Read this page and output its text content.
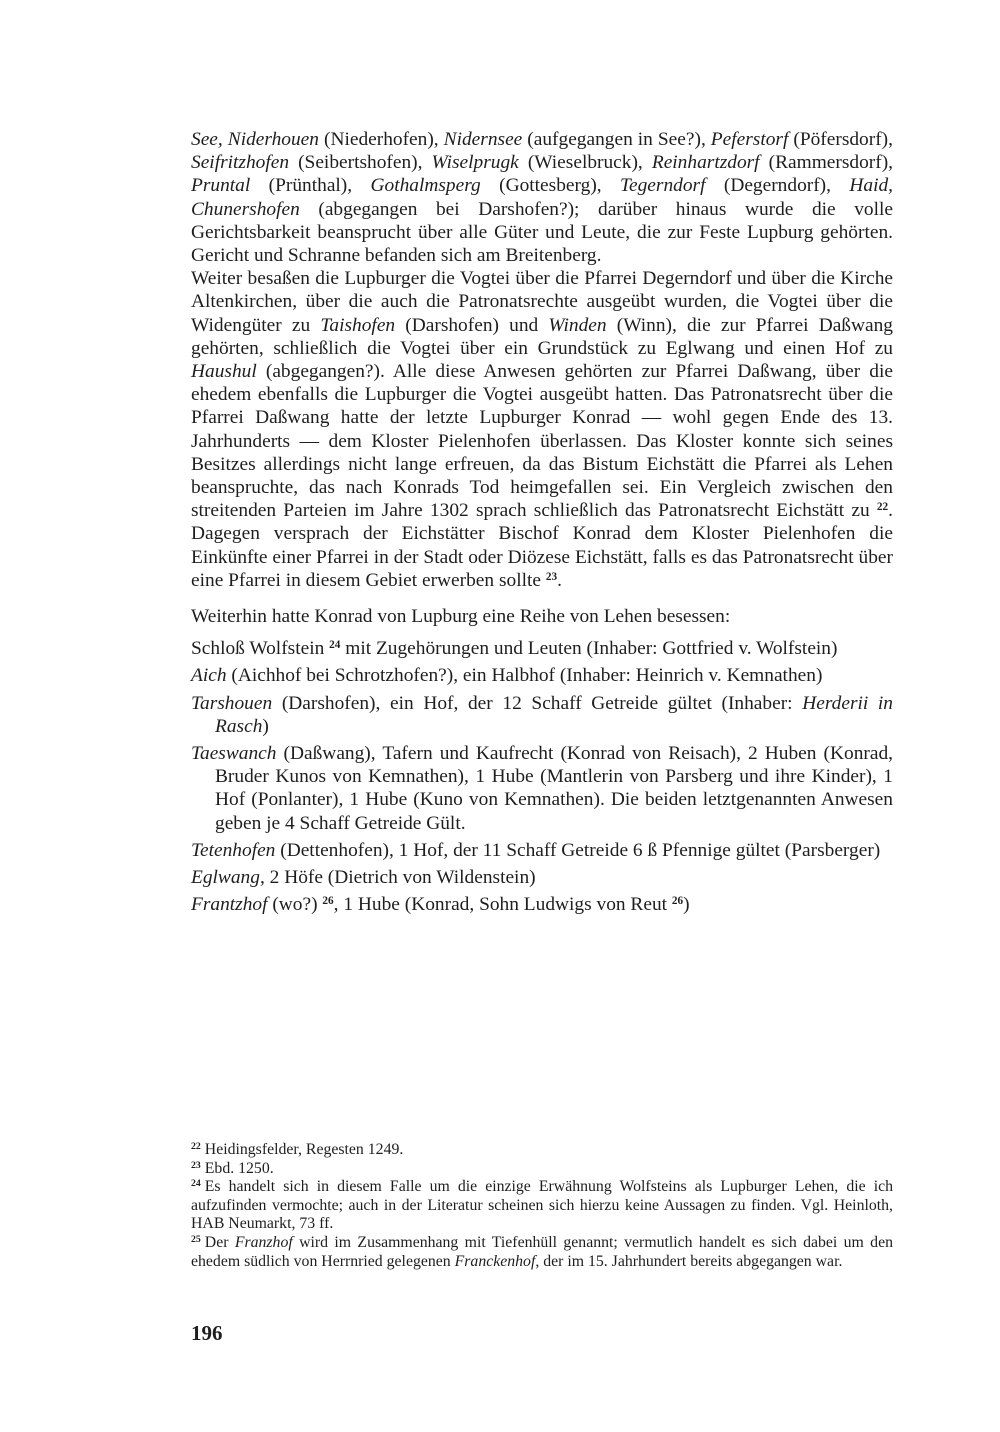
See, Niderhouen (Niederhofen), Nidernsee (aufgegangen in See?), Peferstorf (Pöfersdorf), Seifritzhofen (Seibertshofen), Wiselprugk (Wieselbruck), Reinhartzdorf (Rammersdorf), Pruntal (Prünthal), Gothalmsperg (Gottesberg), Tegerndorf (Degerndorf), Haid, Chunershofen (abgegangen bei Darshofen?); darüber hinaus wurde die volle Gerichtsbarkeit beansprucht über alle Güter und Leute, die zur Feste Lupburg gehörten. Gericht und Schranne befanden sich am Breitenberg.

Weiter besaßen die Lupburger die Vogtei über die Pfarrei Degerndorf und über die Kirche Altenkirchen, über die auch die Patronatsrechte ausgeübt wurden, die Vogtei über die Widengüter zu Taishofen (Darshofen) und Winden (Winn), die zur Pfarrei Daßwang gehörten, schließlich die Vogtei über ein Grundstück zu Eglwang und einen Hof zu Haushul (abgegangen?). Alle diese Anwesen gehörten zur Pfarrei Daßwang, über die ehedem ebenfalls die Lupburger die Vogtei ausgeübt hatten. Das Patronatsrecht über die Pfarrei Daßwang hatte der letzte Lupburger Konrad — wohl gegen Ende des 13. Jahrhunderts — dem Kloster Pielenhofen überlassen. Das Kloster konnte sich seines Besitzes allerdings nicht lange erfreuen, da das Bistum Eichstätt die Pfarrei als Lehen beanspruchte, das nach Konrads Tod heimgefallen sei. Ein Vergleich zwischen den streitenden Parteien im Jahre 1302 sprach schließlich das Patronatsrecht Eichstätt zu $^{22}$. Dagegen versprach der Eichstätter Bischof Konrad dem Kloster Pielenhofen die Einkünfte einer Pfarrei in der Stadt oder Diözese Eichstätt, falls es das Patronatsrecht über eine Pfarrei in diesem Gebiet erwerben sollte $^{23}$.

Weiterhin hatte Konrad von Lupburg eine Reihe von Lehen besessen:

Schloß Wolfstein $^{24}$ mit Zugehörungen und Leuten (Inhaber: Gottfried v. Wolfstein)

Aich (Aichhof bei Schrotzhofen?), ein Halbhof (Inhaber: Heinrich v. Kemnathen)

Tarshouen (Darshofen), ein Hof, der 12 Schaff Getreide gültet (Inhaber: Herderii in Rasch)

Taeswanch (Daßwang), Tafern und Kaufrecht (Konrad von Reisach), 2 Huben (Konrad, Bruder Kunos von Kemnathen), 1 Hube (Mantlerin von Parsberg und ihre Kinder), 1 Hof (Ponlanter), 1 Hube (Kuno von Kemnathen). Die beiden letztgenannten Anwesen geben je 4 Schaff Getreide Gült.

Tetenhofen (Dettenhofen), 1 Hof, der 11 Schaff Getreide 6 ß Pfennige gültet (Parsberger)

Eglwang, 2 Höfe (Dietrich von Wildenstein)

Frantzhof (wo?) $^{26}$, 1 Hube (Konrad, Sohn Ludwigs von Reut $^{26}$)

$^{22}$ Heidingsfelder, Regesten 1249.

$^{23}$ Ebd. 1250.

$^{24}$ Es handelt sich in diesem Falle um die einzige Erwähnung Wolfsteins als Lupburger Lehen, die ich aufzufinden vermochte; auch in der Literatur scheinen sich hierzu keine Aussagen zu finden. Vgl. Heinloth, HAB Neumarkt, 73 ff.

$^{25}$ Der Franzhof wird im Zusammenhang mit Tiefenhüll genannt; vermutlich handelt es sich dabei um den ehedem südlich von Herrnried gelegenen Franckenhof, der im 15. Jahrhundert bereits abgegangen war.

196
